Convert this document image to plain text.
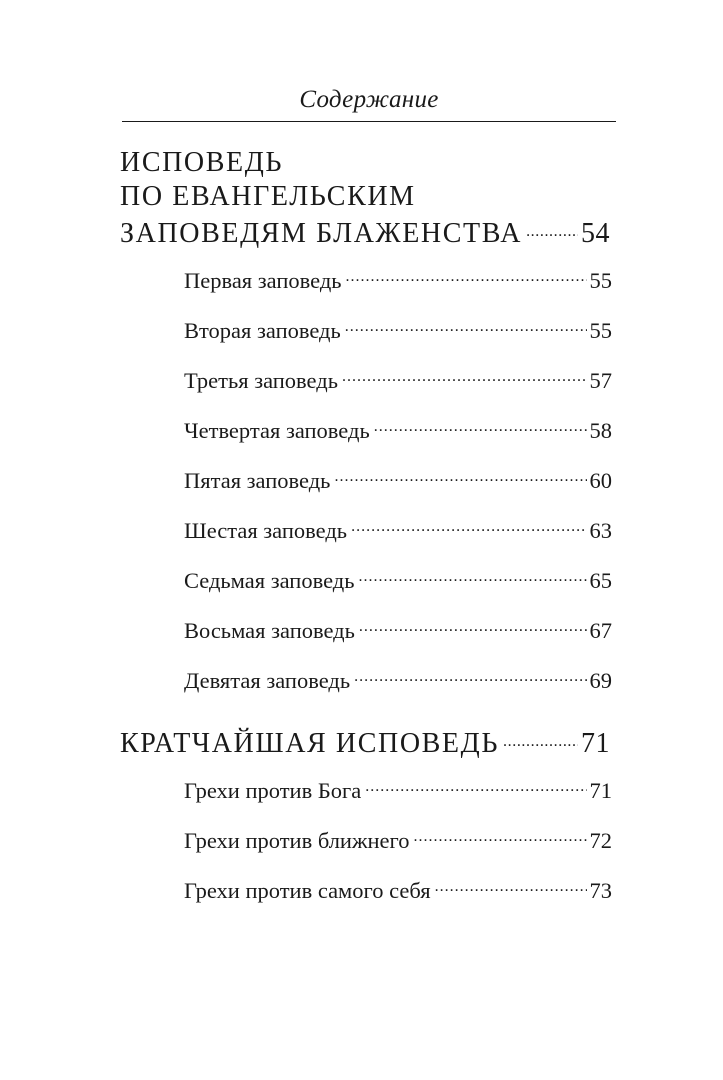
Содержание
ИСПОВЕДЬ
ПО ЕВАНГЕЛЬСКИМ
ЗАПОВЕДЯМ БЛАЖЕНСТВА ..... 54
Первая заповедь .....	55
Вторая заповедь .....	55
Третья заповедь .....	57
Четвертая заповедь .....	58
Пятая заповедь .....	60
Шестая заповедь .....	63
Седьмая заповедь .....	65
Восьмая заповедь .....	67
Девятая заповедь .....	69
КРАТЧАЙШАЯ ИСПОВЕДЬ .....	71
Грехи против Бога .....	71
Грехи против ближнего .....	72
Грехи против самого себя .....	73
